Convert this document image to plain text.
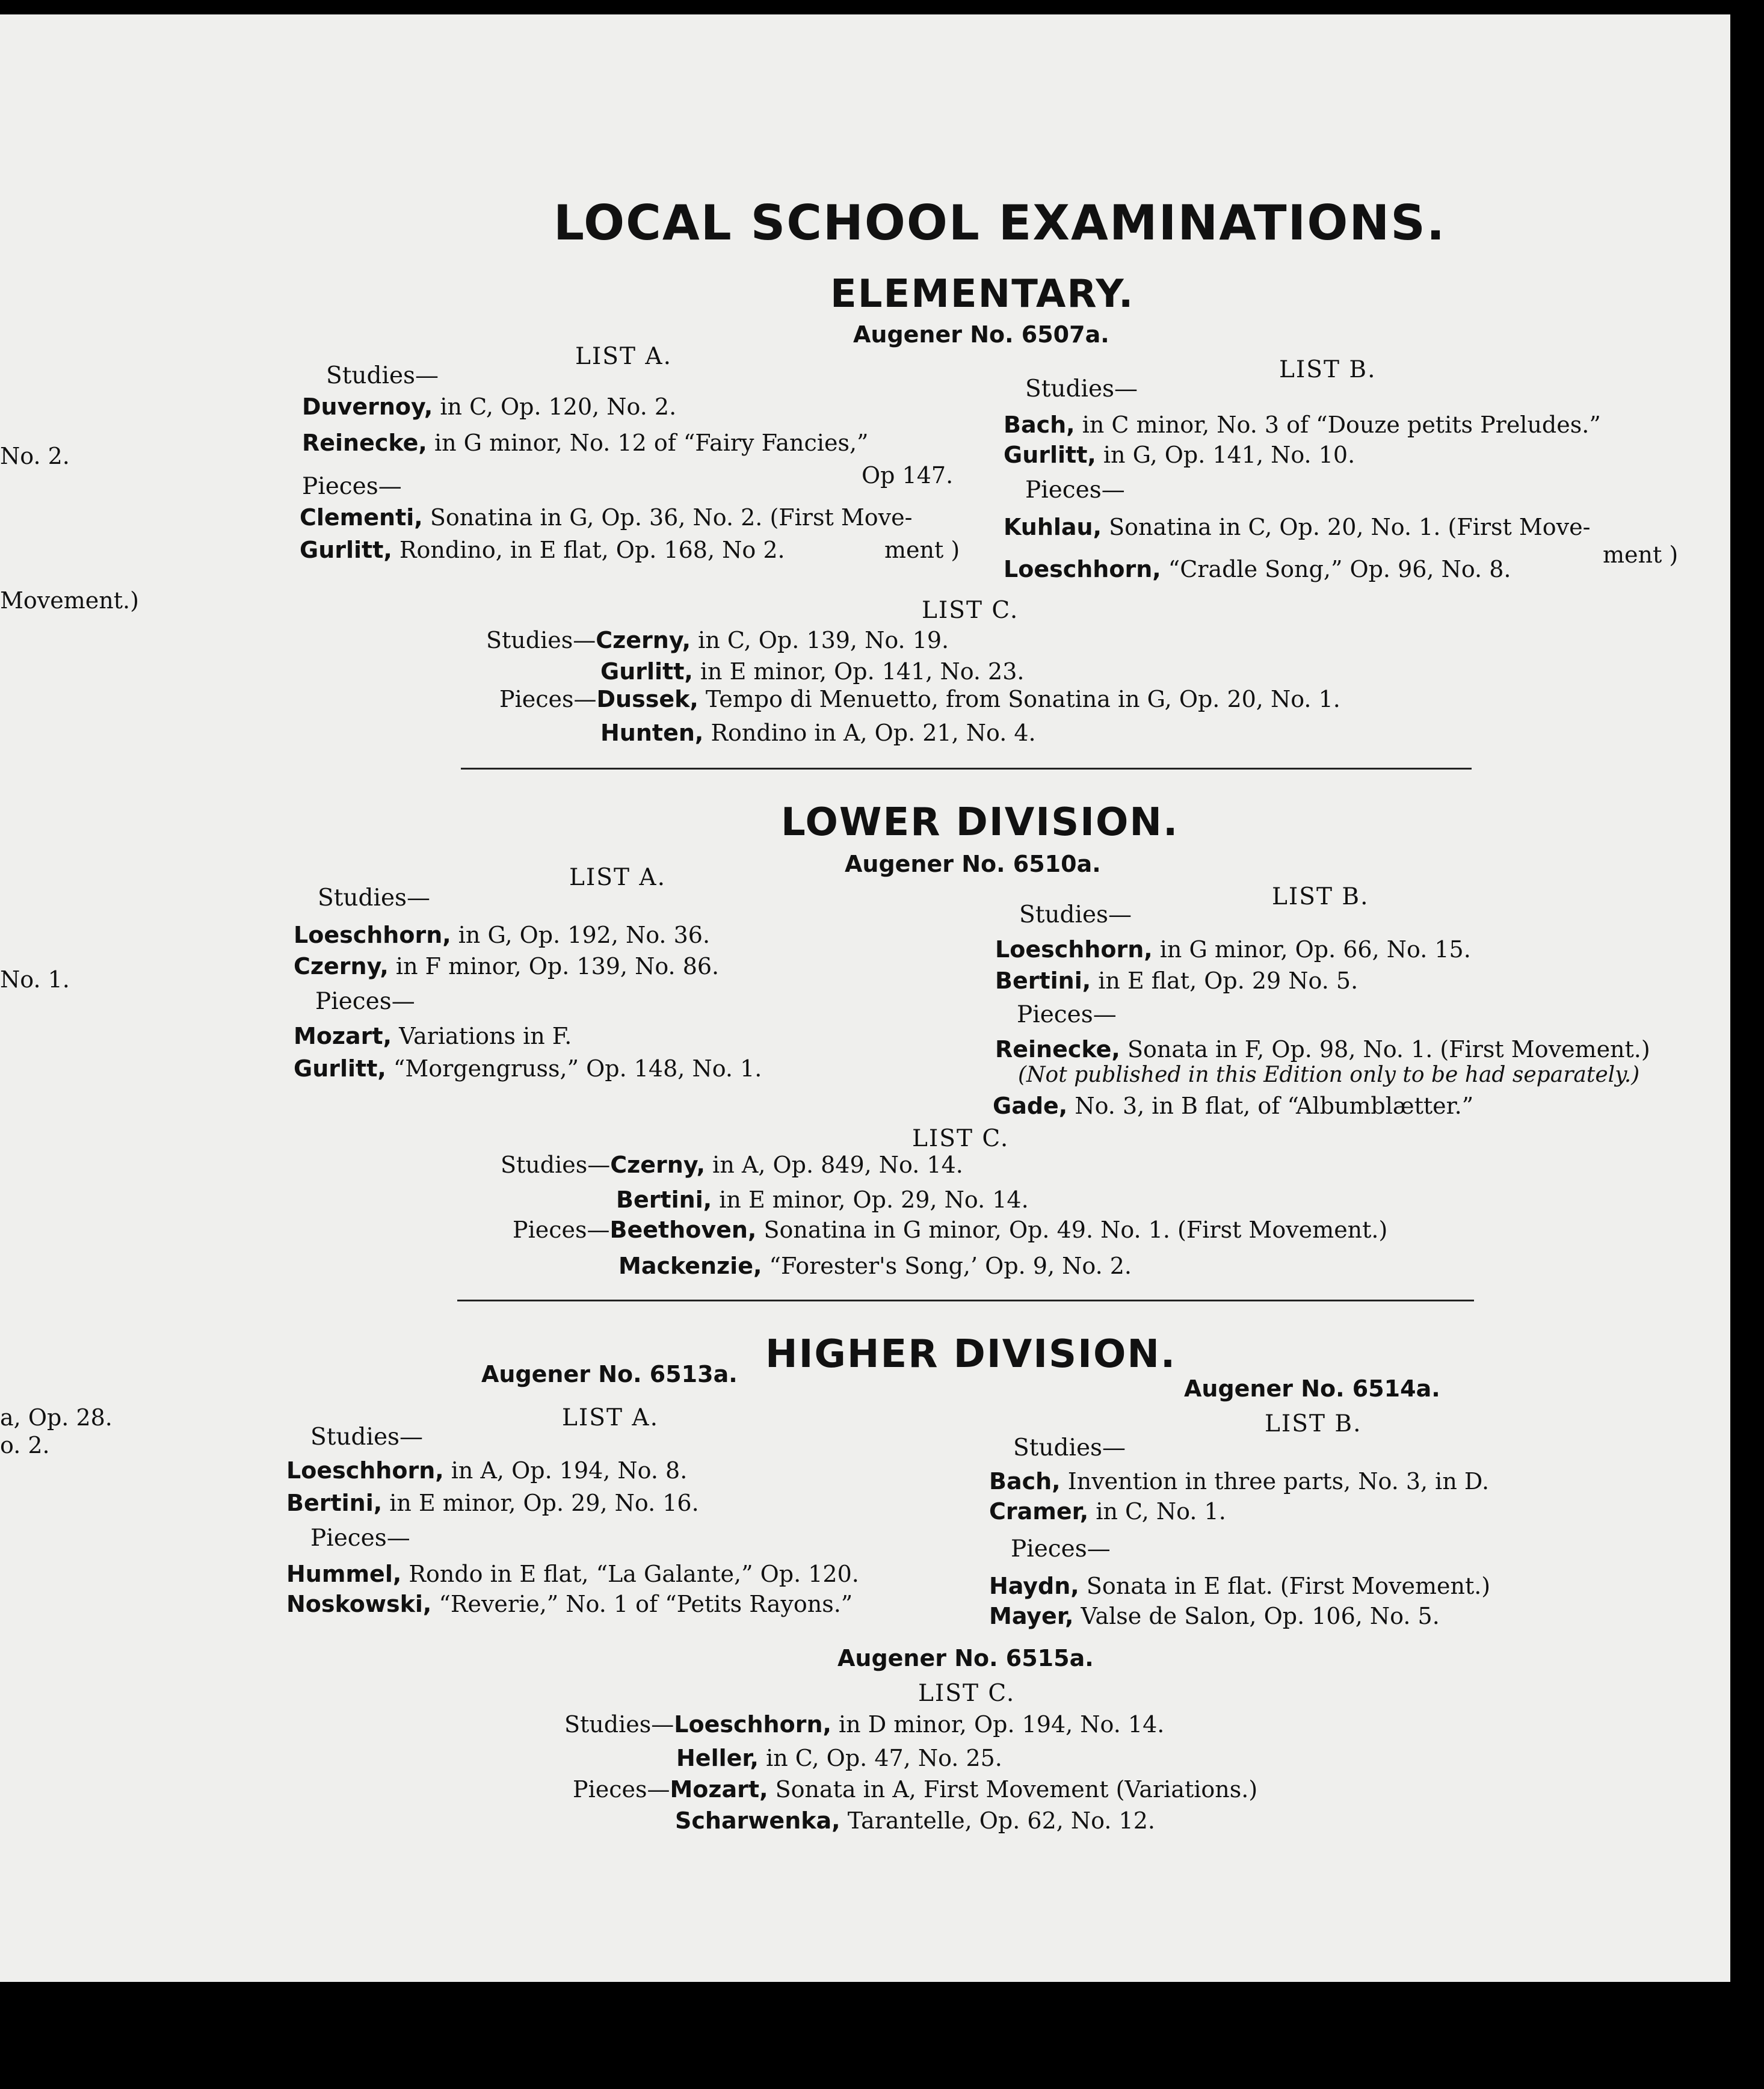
No. 2.
Movement.)
No. 1.
a, Op. 28.
o. 2.
LOCAL SCHOOL EXAMINATIONS.
ELEMENTARY.
Augener No. 6507a.
LIST A.
Studies—
Duvernoy, in C, Op. 120, No. 2.
Reinecke, in G minor, No. 12 of “Fairy Fancies,”
Op 147.
Pieces—
Clementi, Sonatina in G, Op. 36, No. 2. (First Move-
Gurlitt, Rondino, in E flat, Op. 168, No 2.	ment )
LIST B.
Studies—
Bach, in C minor, No. 3 of “Douze petits Preludes.”
Gurlitt, in G, Op. 141, No. 10.
Pieces—
Kuhlau, Sonatina in C, Op. 20, No. 1. (First Move-
ment )
Loeschhorn, “Cradle Song,” Op. 96, No. 8.
LIST C.
Studies—Czerny, in C, Op. 139, No. 19.
Gurlitt, in E minor, Op. 141, No. 23.
Pieces—Dussek, Tempo di Menuetto, from Sonatina in G, Op. 20, No. 1.
Hunten, Rondino in A, Op. 21, No. 4.
LOWER DIVISION.
Augener No. 6510a.
LIST A.
Studies—
Loeschhorn, in G, Op. 192, No. 36.
Czerny, in F minor, Op. 139, No. 86.
Pieces—
Mozart, Variations in F.
Gurlitt, “Morgengruss,” Op. 148, No. 1.
LIST B.
Studies—
Loeschhorn, in G minor, Op. 66, No. 15.
Bertini, in E flat, Op. 29 No. 5.
Pieces—
Reinecke, Sonata in F, Op. 98, No. 1. (First Movement.)
(Not published in this Edition only to be had separately.)
Gade, No. 3, in B flat, of “Albumblætter.”
LIST C.
Studies—Czerny, in A, Op. 849, No. 14.
Bertini, in E minor, Op. 29, No. 14.
Pieces—Beethoven, Sonatina in G minor, Op. 49. No. 1. (First Movement.)
Mackenzie, “Forester's Song,’ Op. 9, No. 2.
HIGHER DIVISION.
Augener No. 6513a.
Augener No. 6514a.
LIST A.
Studies—
Loeschhorn, in A, Op. 194, No. 8.
Bertini, in E minor, Op. 29, No. 16.
Pieces—
Hummel, Rondo in E flat, “La Galante,” Op. 120.
Noskowski, “Reverie,” No. 1 of “Petits Rayons.”
LIST B.
Studies—
Bach, Invention in three parts, No. 3, in D.
Cramer, in C, No. 1.
Pieces—
Haydn, Sonata in E flat. (First Movement.)
Mayer, Valse de Salon, Op. 106, No. 5.
Augener No. 6515a.
LIST C.
Studies—Loeschhorn, in D minor, Op. 194, No. 14.
Heller, in C, Op. 47, No. 25.
Pieces—Mozart, Sonata in A, First Movement (Variations.)
Scharwenka, Tarantelle, Op. 62, No. 12.
